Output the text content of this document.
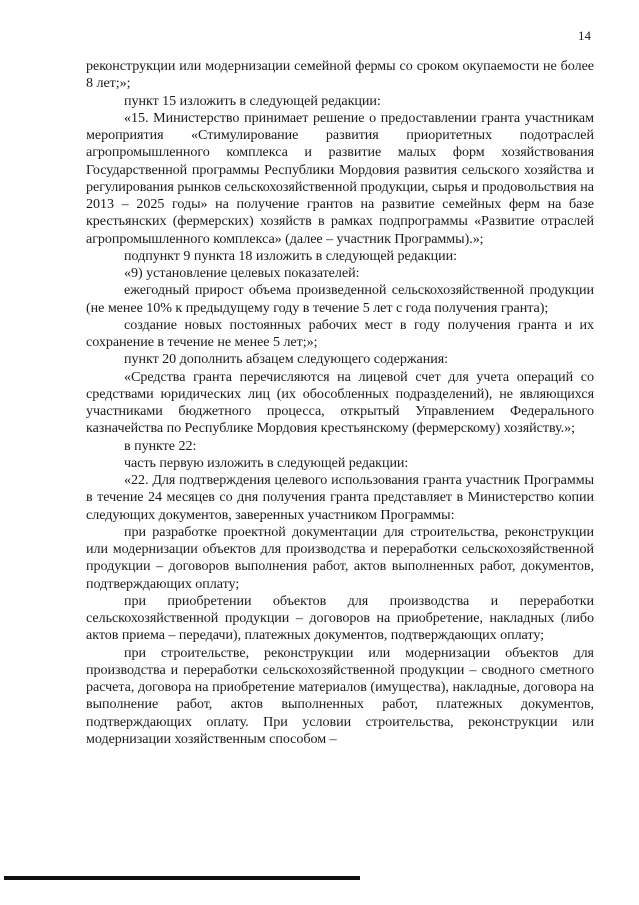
14

реконструкции или модернизации семейной фермы со сроком окупаемости не более 8 лет;»;

пункт 15 изложить в следующей редакции:

«15. Министерство принимает решение о предоставлении гранта участникам мероприятия «Стимулирование развития приоритетных подотраслей агропромышленного комплекса и развитие малых форм хозяйствования Государственной программы Республики Мордовия развития сельского хозяйства и регулирования рынков сельскохозяйственной продукции, сырья и продовольствия на 2013 – 2025 годы» на получение грантов на развитие семейных ферм на базе крестьянских (фермерских) хозяйств в рамках подпрограммы «Развитие отраслей агропромышленного комплекса» (далее – участник Программы).»;

подпункт 9 пункта 18 изложить в следующей редакции:

«9) установление целевых показателей:

ежегодный прирост объема произведенной сельскохозяйственной продукции (не менее 10% к предыдущему году в течение 5 лет с года получения гранта);

создание новых постоянных рабочих мест в году получения гранта и их сохранение в течение не менее 5 лет;»;

пункт 20 дополнить абзацем следующего содержания:

«Средства гранта перечисляются на лицевой счет для учета операций со средствами юридических лиц (их обособленных подразделений), не являющихся участниками бюджетного процесса, открытый Управлением Федерального казначейства по Республике Мордовия крестьянскому (фермерскому) хозяйству.»;

в пункте 22:

часть первую изложить в следующей редакции:

«22. Для подтверждения целевого использования гранта участник Программы в течение 24 месяцев со дня получения гранта представляет в Министерство копии следующих документов, заверенных участником Программы:

при разработке проектной документации для строительства, реконструкции или модернизации объектов для производства и переработки сельскохозяйственной продукции – договоров выполнения работ, актов выполненных работ, документов, подтверждающих оплату;

при приобретении объектов для производства и переработки сельскохозяйственной продукции – договоров на приобретение, накладных (либо актов приема – передачи), платежных документов, подтверждающих оплату;

при строительстве, реконструкции или модернизации объектов для производства и переработки сельскохозяйственной продукции – сводного сметного расчета, договора на приобретение материалов (имущества), накладные, договора на выполнение работ, актов выполненных работ, платежных документов, подтверждающих оплату. При условии строительства, реконструкции или модернизации хозяйственным способом –
